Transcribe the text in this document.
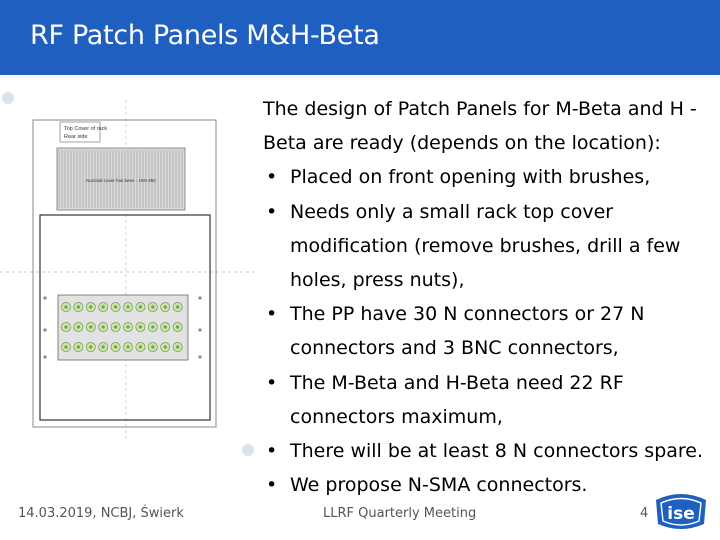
RF Patch Panels M&H-Beta
Top Cover of rack
Rear side
Nominal cover has been - 19N-450

The design of Patch Panels for M-Beta and H -Beta are ready (depends on the location):

• Placed on front opening with brushes,
• Needs only a small rack top cover modification (remove brushes, drill a few holes, press nuts),
• The PP have 30 N connectors or 27 N connectors and 3 BNC connectors,
• The M-Beta and H-Beta need 22 RF connectors maximum,
• There will be at least 8 N connectors spare.
• We propose N-SMA connectors.
14.03.2019, NCBJ, Świerk	LLRF Quarterly Meeting	4 ise
